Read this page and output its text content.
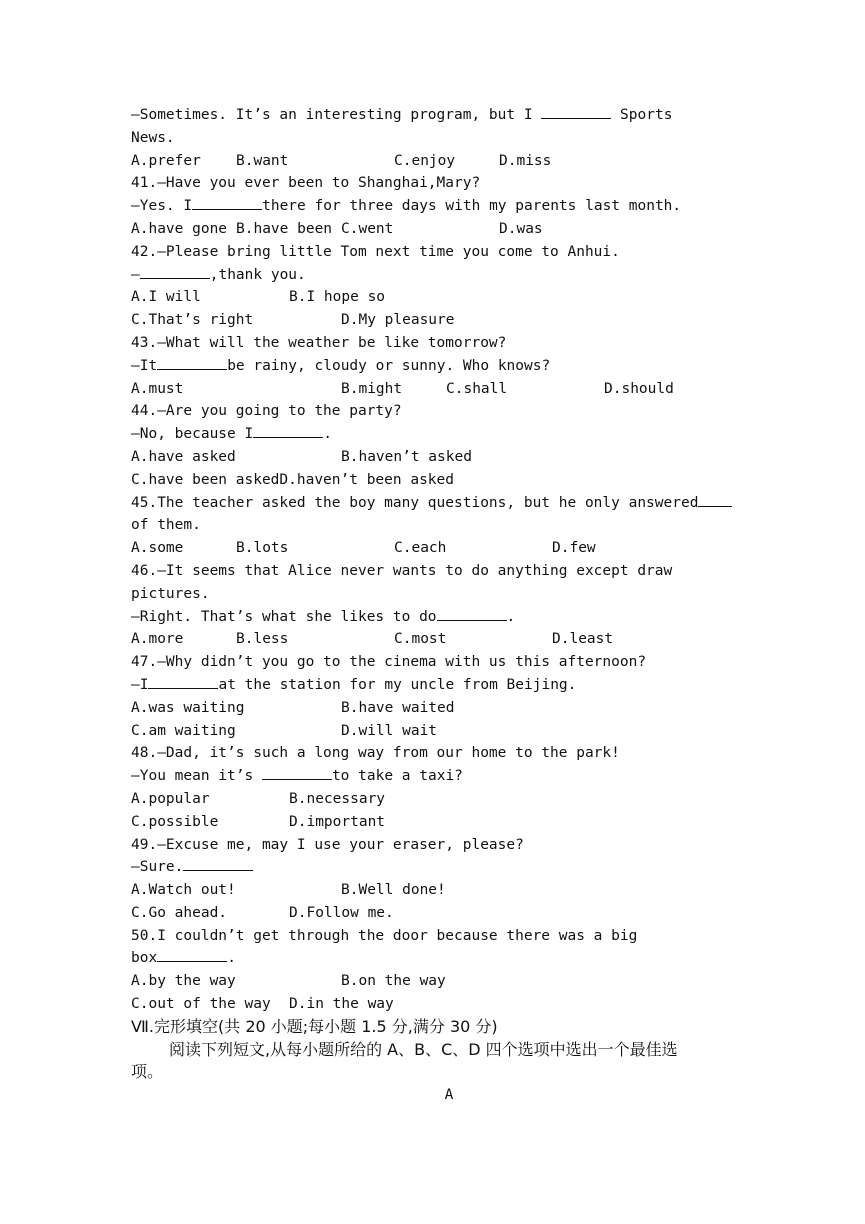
—Sometimes. It’s an interesting program, but I	Sports
News.
A.prefer B.want	C.enjoy	D.miss
41.—Have you ever been to Shanghai,Mary?
—Yes. I	there for three days with my parents last month.
A.have gone B.have been C.went	D.was
42.—Please bring little Tom next time you come to Anhui.
—	,thank you.
A.I will	B.I hope so
C.That’s right	D.My pleasure
43.—What will the weather be like tomorrow?
—It	be rainy, cloudy or sunny. Who knows?
A.must	B.might	C.shall	D.should
44.—Are you going to the party?
—No, because I	.
A.have asked	B.haven’t asked
C.have been askedD.haven’t been asked
45.The teacher asked the boy many questions, but he only answered
of them.
A.some	B.lots	C.each	D.few
46.—It seems that Alice never wants to do anything except draw
pictures.
—Right. That’s what she likes to do	.
A.more	B.less	C.most	D.least
47.—Why didn’t you go to the cinema with us this afternoon?
—I	at the station for my uncle from Beijing.
A.was waiting	B.have waited
C.am waiting	D.will wait
48.—Dad, it’s such a long way from our home to the park!
—You mean it’s	to take a taxi?
A.popular	B.necessary
C.possible	D.important
49.—Excuse me, may I use your eraser, please?
—Sure.
A.Watch out!	B.Well done!
C.Go ahead.	D.Follow me.
50.I couldn’t get through the door because there was a big
box	.
A.by the way	B.on the way
C.out of the way D.in the way
Ⅶ.完形填空(共 20 小题;每小题 1.5 分,满分 30 分)
阅读下列短文,从每小题所给的 A、B、C、D 四个选项中选出一个最佳选
项。
A
